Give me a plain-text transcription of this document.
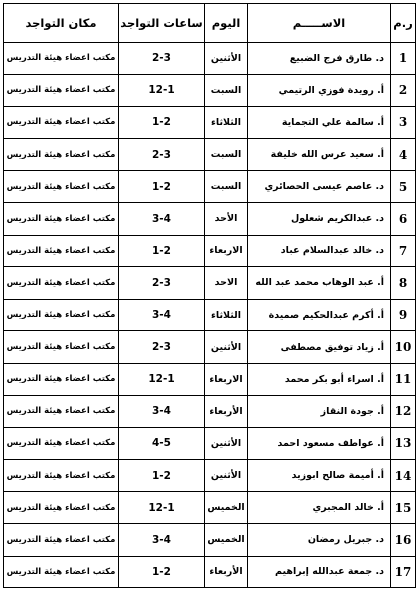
مكان التواجد	ساعات التواجد	اليوم	الاســـــم	ر.م
مكتب اعضاء هيئة التدريس	2-3	الأثنين	د. طارق فرج الضبيع	1
مكتب اعضاء هيئة التدريس	12-1	السبت	أ. رويدة فوزي الرتيمي	2
مكتب اعضاء هيئة التدريس	1-2	الثلاثاء	أ. سالمة علي التجماية	3
مكتب اعضاء هيئة التدريس	2-3	السبت	أ. سعيد عرس الله خليفة	4
مكتب اعضاء هيئة التدريس	1-2	السبت	د. عاصم عيسى الحصائري	5
مكتب اعضاء هيئة التدريس	3-4	الأحد	د. عبدالكريم شعلول	6
مكتب اعضاء هيئة التدريس	1-2	الاربعاء	د. خالد عبدالسلام عباد	7
مكتب اعضاء هيئة التدريس	2-3	الاحد	أ. عبد الوهاب محمد عبد الله	8
مكتب اعضاء هيئة التدريس	3-4	الثلاثاء	أ. أكرم عبدالحكيم صميدة	9
مكتب اعضاء هيئة التدريس	2-3	الأثنين	أ. زياد توفيق مصطفى	10
مكتب اعضاء هيئة التدريس	12-1	الاربعاء	أ. اسراء أبو بكر محمد	11
مكتب اعضاء هيئة التدريس	3-4	الأربعاء	أ. جودة النقاز	12
مكتب اعضاء هيئة التدريس	4-5	الأثنين	أ. عواطف مسعود احمد	13
مكتب اعضاء هيئة التدريس	1-2	الأثنين	أ. أميمة صالح ابوزيد	14
مكتب اعضاء هيئة التدريس	12-1	الخميس	أ. خالد المجبري	15
مكتب اعضاء هيئة التدريس	3-4	الخميس	د. جبريل رمضان	16
مكتب اعضاء هيئة التدريس	1-2	الأربعاء	د. جمعة عبدالله إبراهيم	17
